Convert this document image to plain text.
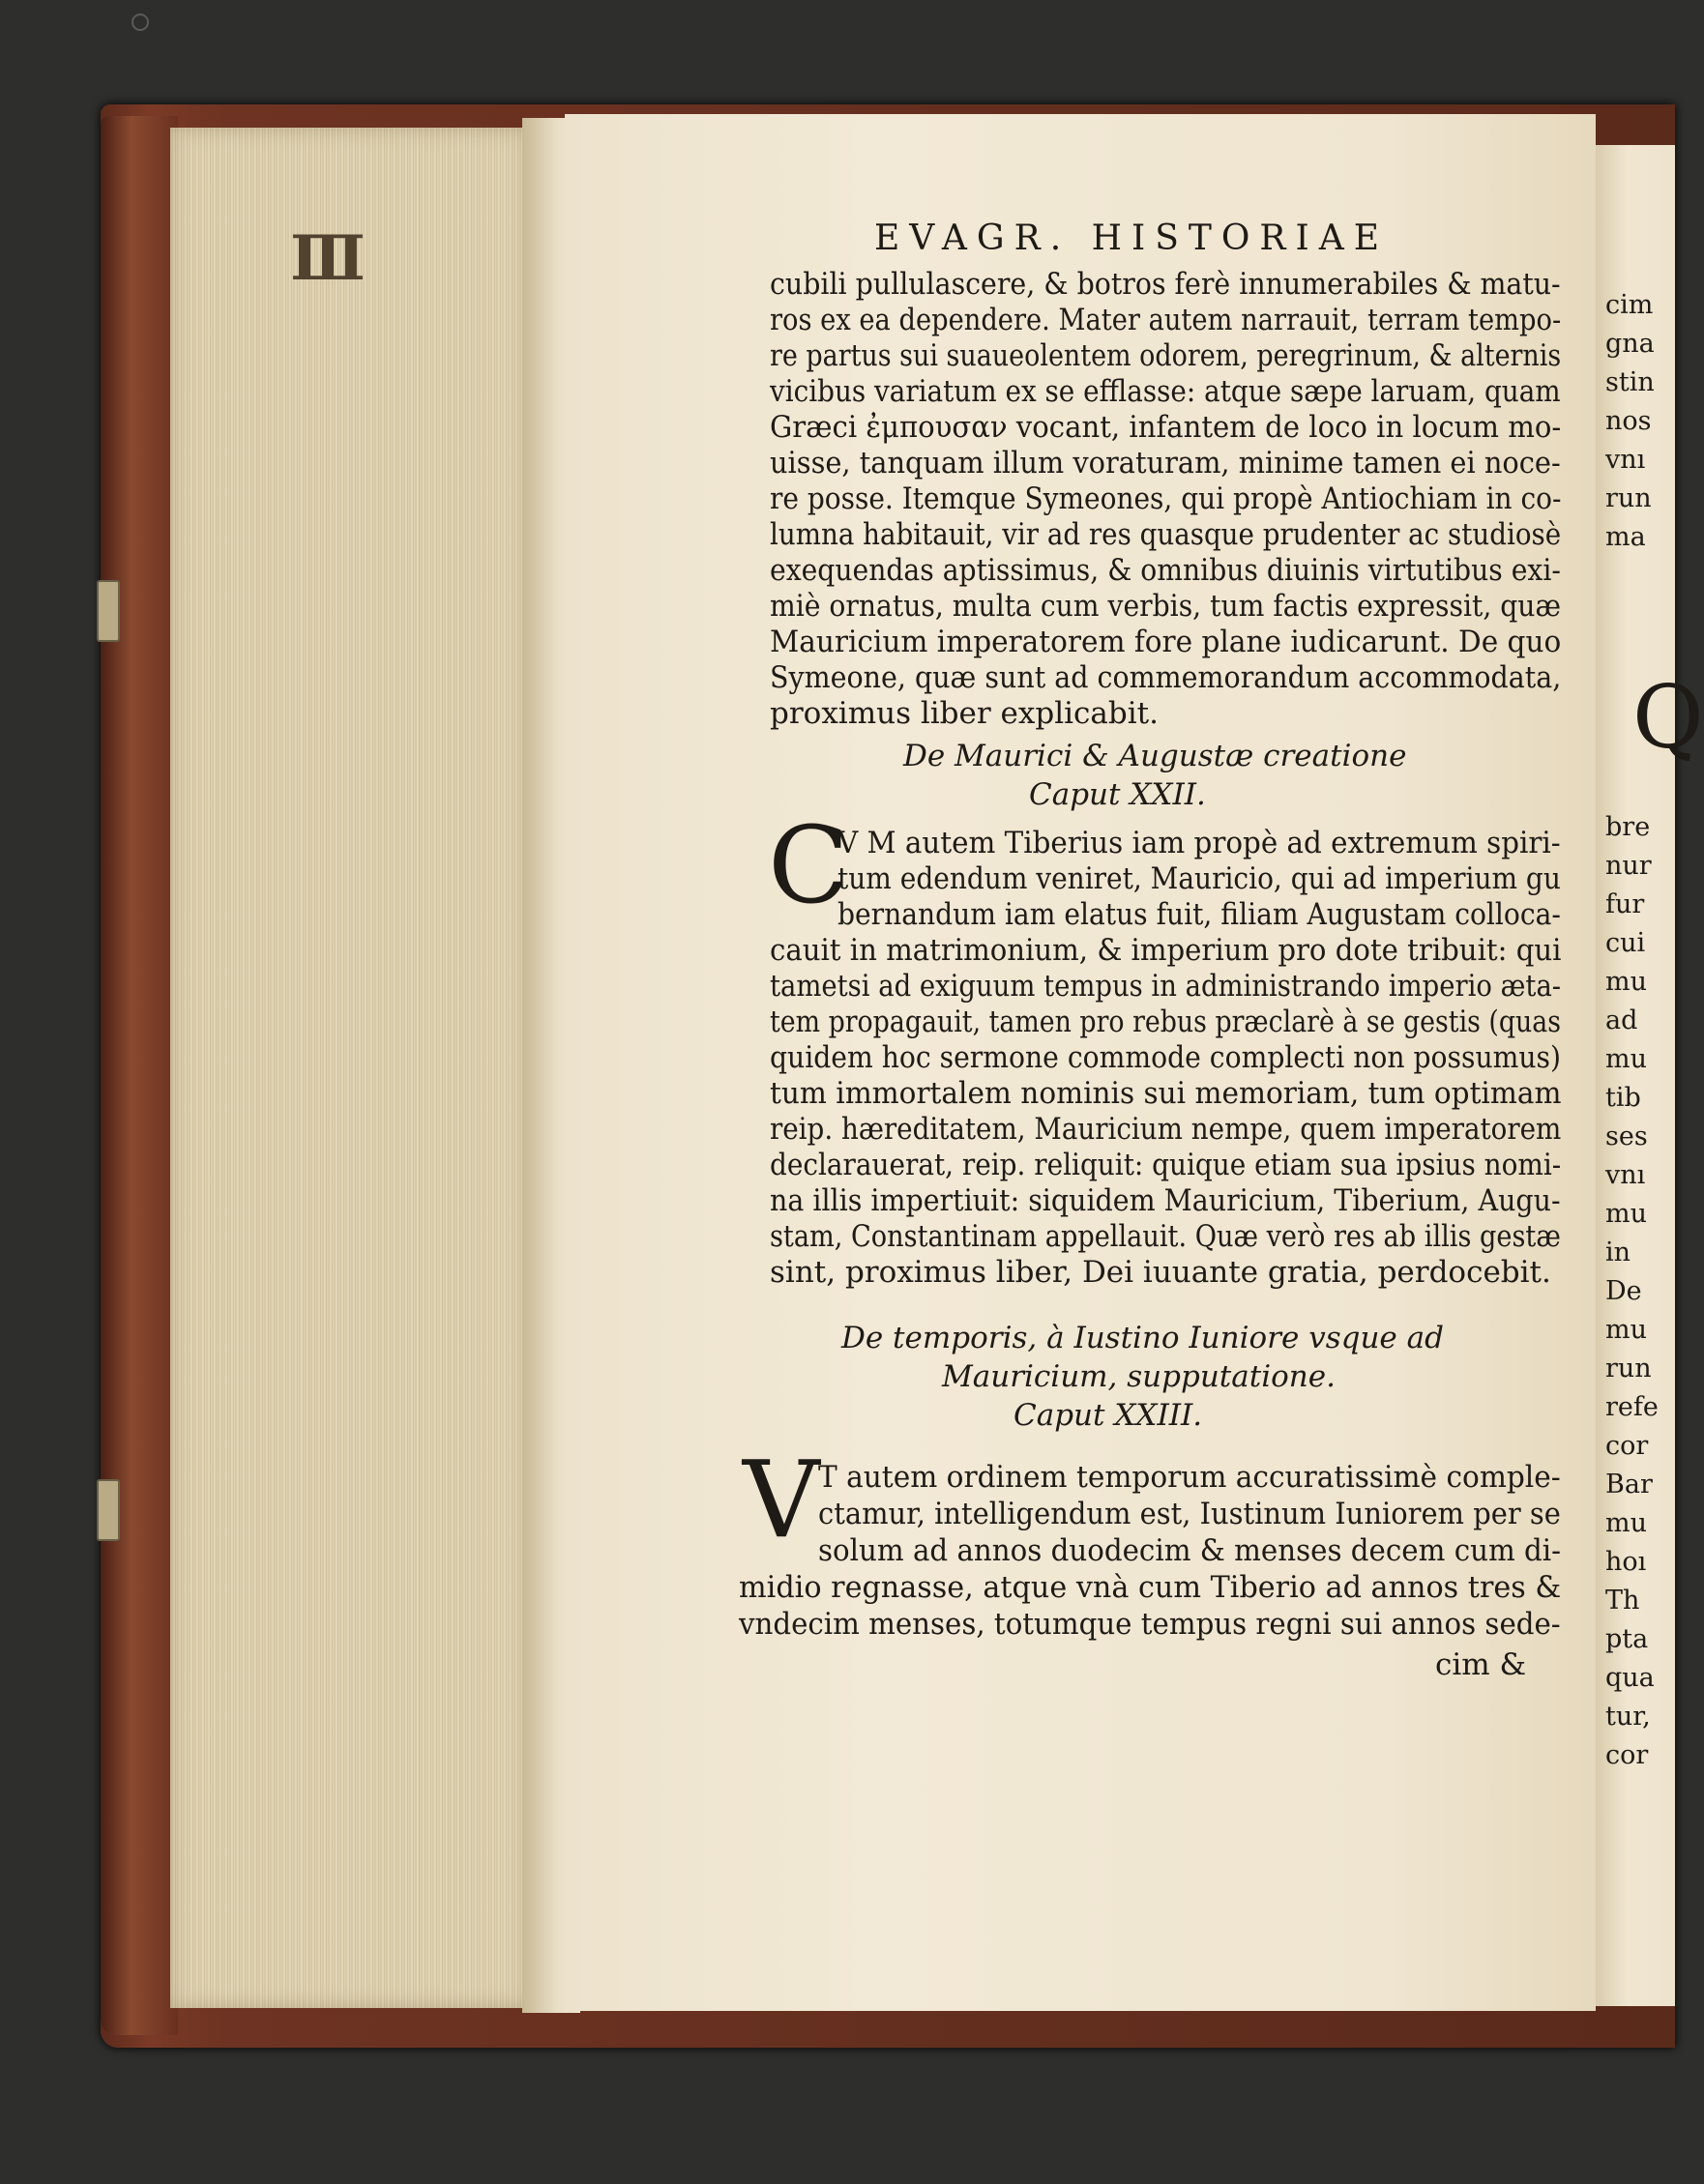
III	EVAGR. HISTORIAE
cubili pullulascere, & botros ferè innumerabiles & matu-
ros ex ea dependere. Mater autem narrauit, terram tempo-
re partus sui suaueolentem odorem, peregrinum, & alternis
vicibus variatum ex se efflasse: atque sæpe laruam, quam
Græci ἐμπουσαν vocant, infantem de loco in locum mo-
uisse, tanquam illum voraturam, minime tamen ei noce-
re posse. Itemque Symeones, qui propè Antiochiam in co-
lumna habitauit, vir ad res quasque prudenter ac studiosè
exequendas aptissimus, & omnibus diuinis virtutibus exi-
miè ornatus, multa cum verbis, tum factis expressit, quæ
Mauricium imperatorem fore plane iudicarunt. De quo
Symeone, quæ sunt ad commemorandum accommodata,
proximus liber explicabit.
De Maurici & Augustæ creatione
Caput XXII.
C
V M autem Tiberius iam propè ad extremum spiri-
tum edendum veniret, Mauricio, qui ad imperium gu
bernandum iam elatus fuit, filiam Augustam colloca-
cauit in matrimonium, & imperium pro dote tribuit: qui
tametsi ad exiguum tempus in administrando imperio æta-
tem propagauit, tamen pro rebus præclarè à se gestis (quas
quidem hoc sermone commode complecti non possumus)
tum immortalem nominis sui memoriam, tum optimam
reip. hæreditatem, Mauricium nempe, quem imperatorem
declarauerat, reip. reliquit: quique etiam sua ipsius nomi-
na illis impertiuit: siquidem Mauricium, Tiberium, Augu-
stam, Constantinam appellauit. Quæ verò res ab illis gestæ
sint, proximus liber, Dei iuuante gratia, perdocebit.
De temporis, à Iustino Iuniore vsque ad
Mauricium, supputatione.
Caput XXIII.
V
T autem ordinem temporum accuratissimè comple-
ctamur, intelligendum est, Iustinum Iuniorem per se
solum ad annos duodecim & menses decem cum di-
midio regnasse, atque vnà cum Tiberio ad annos tres &
vndecim menses, totumque tempus regni sui annos sede-
cim &
cim
gna
stin
nos
vnı
run
ma
Q
bre
nur
fur
cui
mu
ad
mu
tib
ses
vnı
mu
in
De
mu
run
refe
cor
Bar
mu
hoı
Th
pta
qua
tur,
cor
